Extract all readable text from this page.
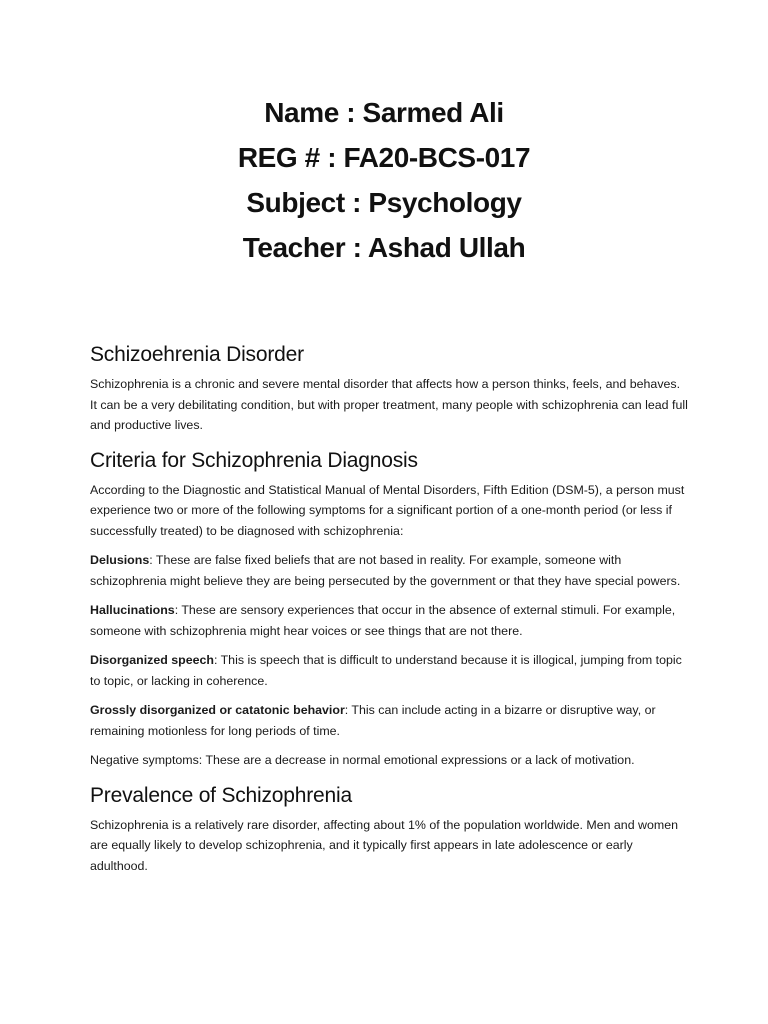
Name : Sarmed Ali
REG # : FA20-BCS-017
Subject : Psychology
Teacher : Ashad Ullah
Schizoehrenia Disorder

Schizophrenia is a chronic and severe mental disorder that affects how a person thinks, feels, and behaves. It can be a very debilitating condition, but with proper treatment, many people with schizophrenia can lead full and productive lives.

Criteria for Schizophrenia Diagnosis

According to the Diagnostic and Statistical Manual of Mental Disorders, Fifth Edition (DSM-5), a person must experience two or more of the following symptoms for a significant portion of a one-month period (or less if successfully treated) to be diagnosed with schizophrenia:

Delusions: These are false fixed beliefs that are not based in reality. For example, someone with schizophrenia might believe they are being persecuted by the government or that they have special powers.

Hallucinations: These are sensory experiences that occur in the absence of external stimuli. For example, someone with schizophrenia might hear voices or see things that are not there.

Disorganized speech: This is speech that is difficult to understand because it is illogical, jumping from topic to topic, or lacking in coherence.

Grossly disorganized or catatonic behavior: This can include acting in a bizarre or disruptive way, or remaining motionless for long periods of time.

Negative symptoms: These are a decrease in normal emotional expressions or a lack of motivation.

Prevalence of Schizophrenia

Schizophrenia is a relatively rare disorder, affecting about 1% of the population worldwide. Men and women are equally likely to develop schizophrenia, and it typically first appears in late adolescence or early adulthood.
